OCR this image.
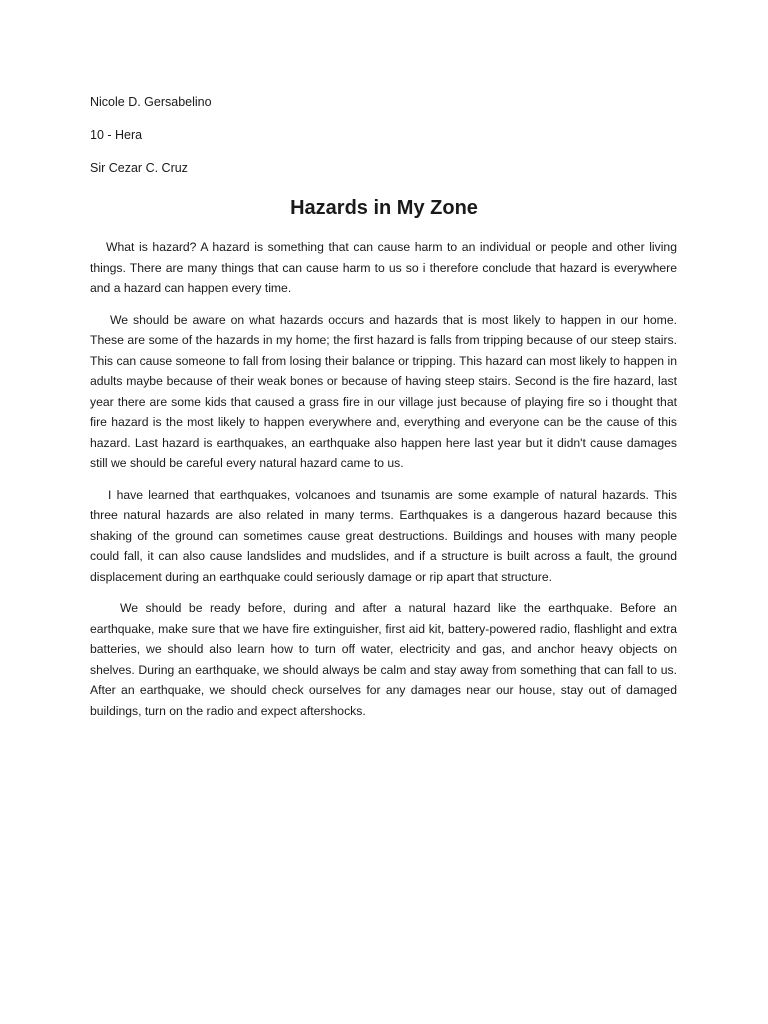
Nicole D. Gersabelino

10 - Hera

Sir Cezar C. Cruz

Hazards in My Zone

What is hazard? A hazard is something that can cause harm to an individual or people and other living things. There are many things that can cause harm to us so i therefore conclude that hazard is everywhere and a hazard can happen every time.

We should be aware on what hazards occurs and hazards that is most likely to happen in our home. These are some of the hazards in my home; the first hazard is falls from tripping because of our steep stairs. This can cause someone to fall from losing their balance or tripping. This hazard can most likely to happen in adults maybe because of their weak bones or because of having steep stairs. Second is the fire hazard, last year there are some kids that caused a grass fire in our village just because of playing fire so i thought that fire hazard is the most likely to happen everywhere and, everything and everyone can be the cause of this hazard. Last hazard is earthquakes, an earthquake also happen here last year but it didn't cause damages still we should be careful every natural hazard came to us.

I have learned that earthquakes, volcanoes and tsunamis are some example of natural hazards. This three natural hazards are also related in many terms. Earthquakes is a dangerous hazard because this shaking of the ground can sometimes cause great destructions. Buildings and houses with many people could fall, it can also cause landslides and mudslides, and if a structure is built across a fault, the ground displacement during an earthquake could seriously damage or rip apart that structure.

We should be ready before, during and after a natural hazard like the earthquake. Before an earthquake, make sure that we have fire extinguisher, first aid kit, battery-powered radio, flashlight and extra batteries, we should also learn how to turn off water, electricity and gas, and anchor heavy objects on shelves. During an earthquake, we should always be calm and stay away from something that can fall to us. After an earthquake, we should check ourselves for any damages near our house, stay out of damaged buildings, turn on the radio and expect aftershocks.
